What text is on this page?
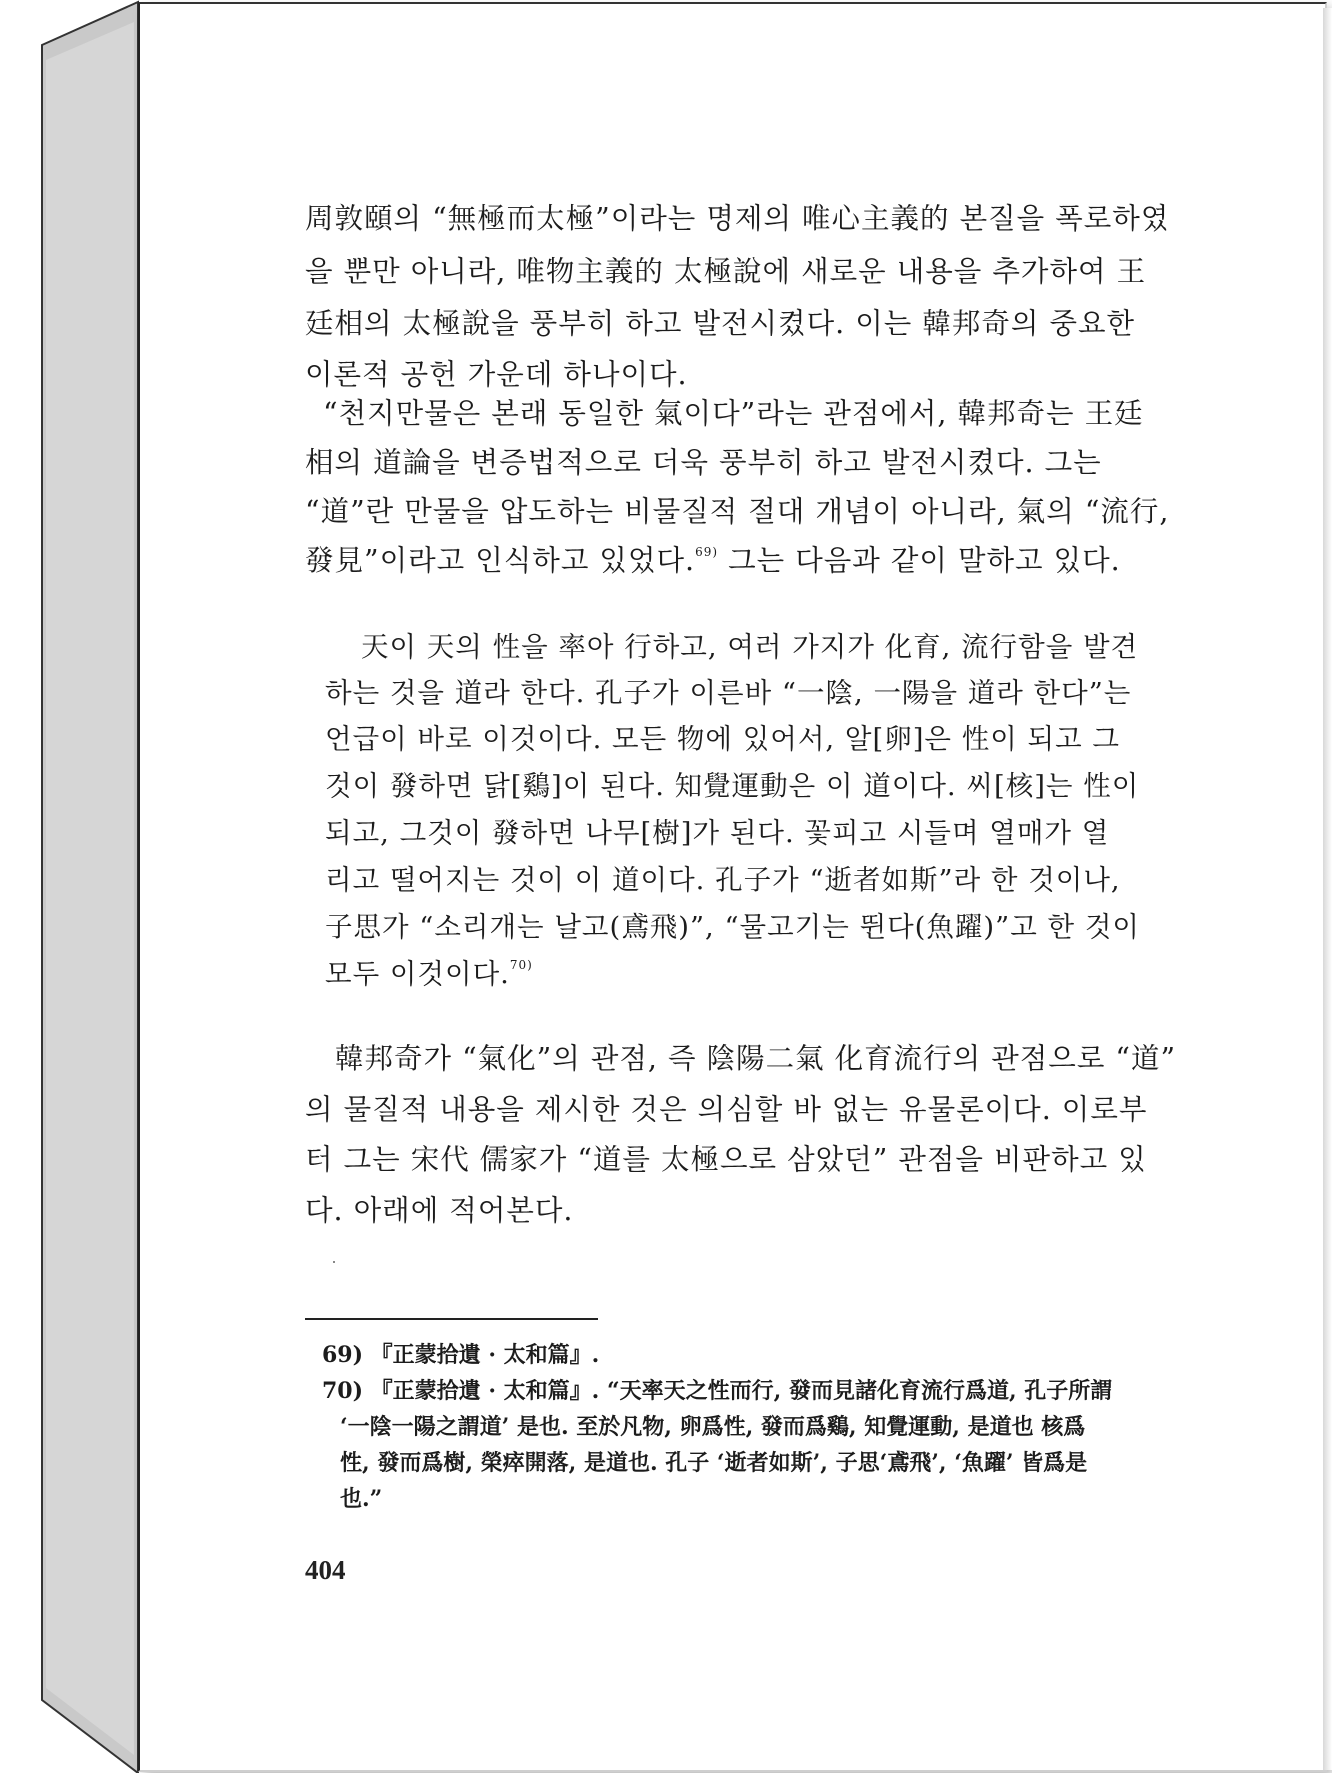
周敦頤의 “無極而太極”이라는 명제의 唯心主義的 본질을 폭로하였
을 뿐만 아니라, 唯物主義的 太極說에 새로운 내용을 추가하여 王
廷相의 太極說을 풍부히 하고 발전시켰다. 이는 韓邦奇의 중요한
이론적 공헌 가운데 하나이다.
“천지만물은 본래 동일한 氣이다”라는 관점에서, 韓邦奇는 王廷
相의 道論을 변증법적으로 더욱 풍부히 하고 발전시켰다. 그는
“道”란 만물을 압도하는 비물질적 절대 개념이 아니라, 氣의 “流行,
發見”이라고 인식하고 있었다.$^{69)}$ 그는 다음과 같이 말하고 있다.
天이 天의 性을 率아 行하고, 여러 가지가 化育, 流行함을 발견
하는 것을 道라 한다. 孔子가 이른바 “一陰, 一陽을 道라 한다”는
언급이 바로 이것이다. 모든 物에 있어서, 알[卵]은 性이 되고 그
것이 發하면 닭[鷄]이 된다. 知覺運動은 이 道이다. 씨[核]는 性이
되고, 그것이 發하면 나무[樹]가 된다. 꽃피고 시들며 열매가 열
리고 떨어지는 것이 이 道이다. 孔子가 “逝者如斯”라 한 것이나,
子思가 “소리개는 날고(鳶飛)”, “물고기는 뛴다(魚躍)”고 한 것이
모두 이것이다.$^{70)}$
韓邦奇가 “氣化”의 관점, 즉 陰陽二氣 化育流行의 관점으로 “道”
의 물질적 내용을 제시한 것은 의심할 바 없는 유물론이다. 이로부
터 그는 宋代 儒家가 “道를 太極으로 삼았던” 관점을 비판하고 있
다. 아래에 적어본다.
69) 『正蒙拾遺 · 太和篇』.
70) 『正蒙拾遺 · 太和篇』. “天率天之性而行, 發而見諸化育流行爲道, 孔子所謂
‘一陰一陽之謂道’ 是也. 至於凡物, 卵爲性, 發而爲鷄, 知覺運動, 是道也 核爲
性, 發而爲樹, 榮瘁開落, 是道也. 孔子 ‘逝者如斯’, 子思‘鳶飛’, ‘魚躍’ 皆爲是
也.”
404
